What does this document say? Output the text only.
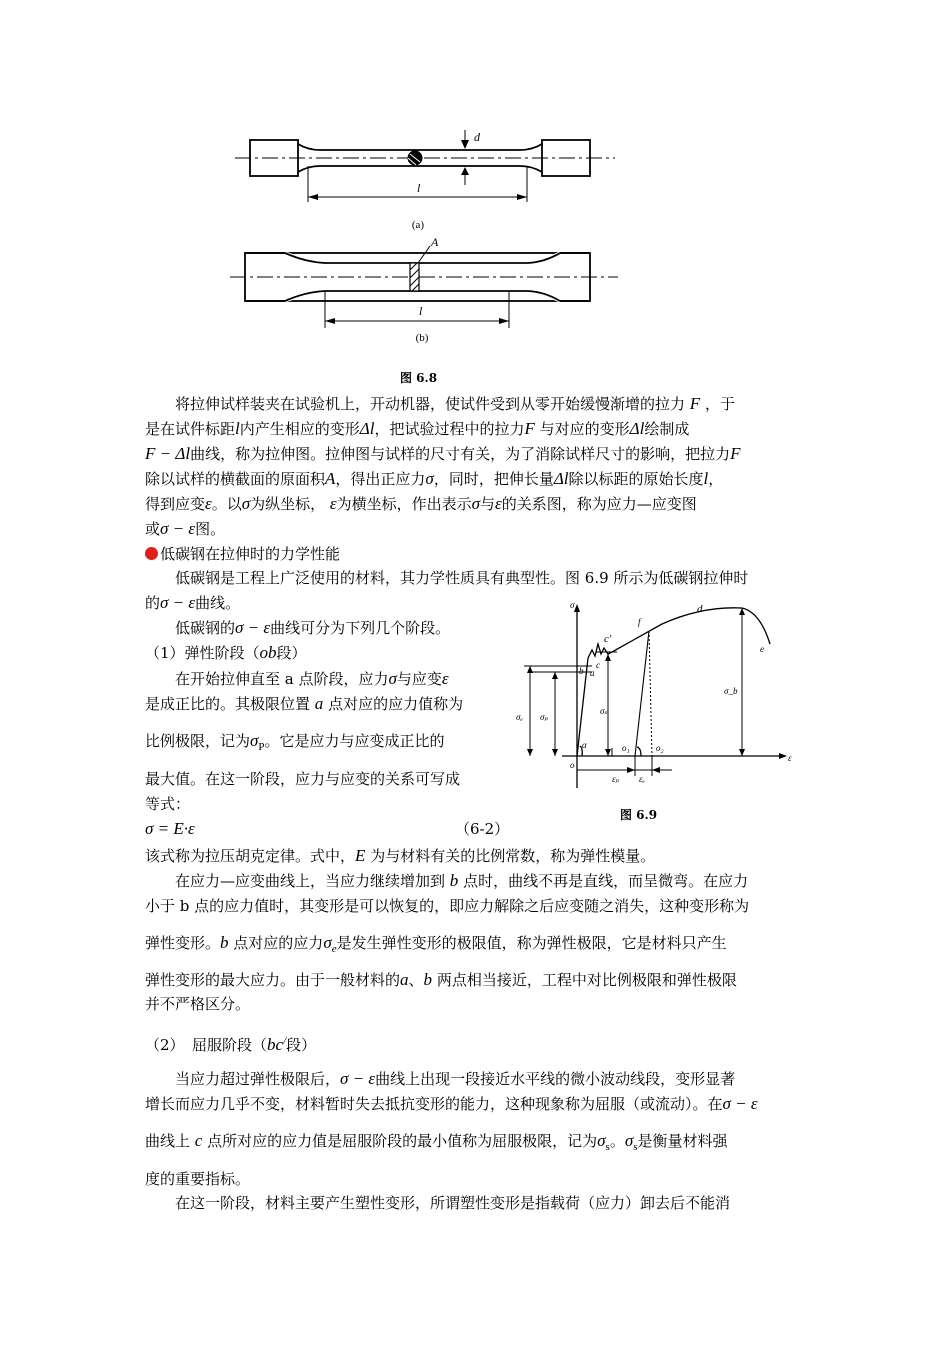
d
l
(a)
A
l
(b)
图 6.8
将拉伸试样装夹在试验机上，开动机器，使试件受到从零开始缓慢渐增的拉力 F ，于
是在试件标距l内产生相应的变形Δl，把试验过程中的拉力F 与对应的变形Δl绘制成
F − Δl曲线，称为拉伸图。拉伸图与试样的尺寸有关，为了消除试样尺寸的影响，把拉力F
除以试样的横截面的原面积A，得出正应力σ，同时，把伸长量Δl除以标距的原始长度l，
得到应变ε。以σ为纵坐标， ε为横坐标，作出表示σ与ε的关系图，称为应力—应变图
或σ − ε图。
低碳钢在拉伸时的力学性能
低碳钢是工程上广泛使用的材料，其力学性质具有典型性。图 6.9 所示为低碳钢拉伸时
的σ − ε曲线。
低碳钢的σ − ε曲线可分为下列几个阶段。
（1）弹性阶段（ob段）
在开始拉伸直至 a 点阶段，应力σ与应变ε
是成正比的。其极限位置 a 点对应的应力值称为
比例极限，记为$\sigma_P$。它是应力与应变成正比的
最大值。在这一阶段，应力与应变的关系可写成
等式：
σ = E·ε	（6-2）
σ
ε
o
b a
c
c′
f
d
e
α
σₑ σₚ
σₛ
σ_b
o₁	o₂
εₚ εₑ
图 6.9
该式称为拉压胡克定律。式中，E 为与材料有关的比例常数，称为弹性模量。
在应力—应变曲线上，当应力继续增加到 b 点时，曲线不再是直线，而呈微弯。在应力
小于 b 点的应力值时，其变形是可以恢复的，即应力解除之后应变随之消失，这种变形称为
弹性变形。b 点对应的应力$\sigma_e$是发生弹性变形的极限值，称为弹性极限，它是材料只产生
弹性变形的最大应力。由于一般材料的a、b 两点相当接近，工程中对比例极限和弹性极限
并不严格区分。
（2）　屈服阶段（bc/段）
当应力超过弹性极限后，σ − ε曲线上出现一段接近水平线的微小波动线段，变形显著
增长而应力几乎不变，材料暂时失去抵抗变形的能力，这种现象称为屈服（或流动）。在σ − ε
曲线上 c 点所对应的应力值是屈服阶段的最小值称为屈服极限，记为$\sigma_s$。$\sigma_s$是衡量材料强
度的重要指标。
在这一阶段，材料主要产生塑性变形，所谓塑性变形是指载荷（应力）卸去后不能消
